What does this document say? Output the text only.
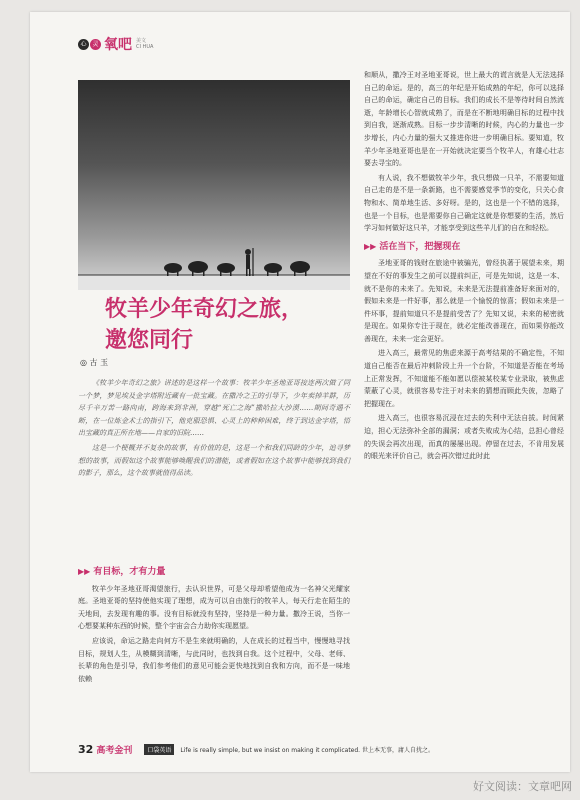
心 灵 氧吧 美文
CI HUA
牧羊少年奇幻之旅，
邀您同行
◎ 古 玉

《牧羊少年奇幻之旅》讲述的是这样一个故事：牧羊少年圣地亚哥接连两次做了同一个梦，梦见埃及金字塔附近藏有一批宝藏。在撒冷之王的引导下，少年卖掉羊群，历尽千辛万苦一路向南，跨海来到非洲，穿越“死亡之海”撒哈拉大沙漠……期间奇遇不断，在一位炼金术士的指引下，他克服恐惧、心灵上的种种困难，终于到达金字塔，悟出宝藏的真正所在地——自家的旧院……

这是一个梗概并不复杂的故事，有价值的是，这是一个和我们同龄的少年，追寻梦想的故事，而假如这个故事能够唤醒我们的潜能，或者假如在这个故事中能够找到我们的影子，那么，这个故事就值得品读。

▶▶ 有目标，才有力量

牧羊少年圣地亚哥渴望旅行，去认识世界，可是父母却希望他成为一名神父光耀家庭。圣地亚哥的坚持使他实现了理想，成为可以自由旅行的牧羊人，每天行走在陌生的天地间，去发现有趣的事。没有目标就没有坚持，坚持是一种力量。撒冷王说，当你一心想要某种东西的时候，整个宇宙会合力助你实现愿望。

应该说，命运之路走向何方不是生来就明确的，人在成长的过程当中，慢慢地寻找目标，规划人生，从模糊到清晰，与此同时，也找到自我。这个过程中，父母、老师、长辈的角色是引导，我们参考他们的意见可能会更快地找到自我和方向，而不是一味地依赖

和顺从，撒冷王对圣地亚哥说，世上最大的谎言就是人无法选择自己的命运。是的，高三的年纪是开始成熟的年纪，你可以选择自己的命运，确定自己的目标。我们的成长不是等待时间自然流逝，年龄增长心智就成熟了，而是在不断地明确目标的过程中找到自我，逐渐成熟。目标一步步清晰的时候，内心的力量也一步步增长，内心力量的强大又推进你进一步明确目标。要知道，牧羊少年圣地亚哥也是在一开始就决定要当个牧羊人，有雄心壮志要去寻宝的。

有人说，我不想做牧羊少年，我只想做一只羊，不需要知道自己走的是不是一条新路，也不需要感觉季节的变化，只关心食物和水、简单地生活、多好呀。是的，这也是一个不错的选择，也是一个目标，也是需要你自己确定这就是你想要的生活，然后学习如何做好这只羊，才能享受到这些羊儿们的自在和轻松。

▶▶ 活在当下，把握现在

圣地亚哥的钱财在旅途中被骗光，曾经执著于展望未来，期望在不好的事发生之前可以提前纠正，可是先知说，这是一本、就不是你的未来了。先知说，未来是无法提前准备好来面对的，假如未来是一件好事，那么就是一个愉悦的惊喜；假如未来是一件坏事，提前知道只不是提前受苦了？先知又说，未来的秘密就是现在。如果你专注于现在，就必定能改善现在，而如果你能改善现在，未来一定会更好。

进入高三，最常见的焦虑来源于高考结果的不确定性，不知道自己能否在最后冲刺阶段上升一个台阶，不知道是否能在考场上正常发挥，不知道能不能如愿以偿被某校某专业录取，被焦虑蒙蔽了心灵，就很容易专注于对未来的猜想而顾此失彼，忽略了把握现在。

进入高三，也很容易沉浸在过去的失利中无法自拔。时间紧迫，担心无法弥补全部的漏洞；或者失败成为心结，总担心曾经的失误会再次出现，而真的屡屡出现。停留在过去，不肯用发展的眼光来评价自己，就会再次错过此时此

32 高考金刊	口袋英语	Life is really simple, but we insist on making it complicated. 世上本无事，庸人自扰之。
好文阅读：文章吧网
